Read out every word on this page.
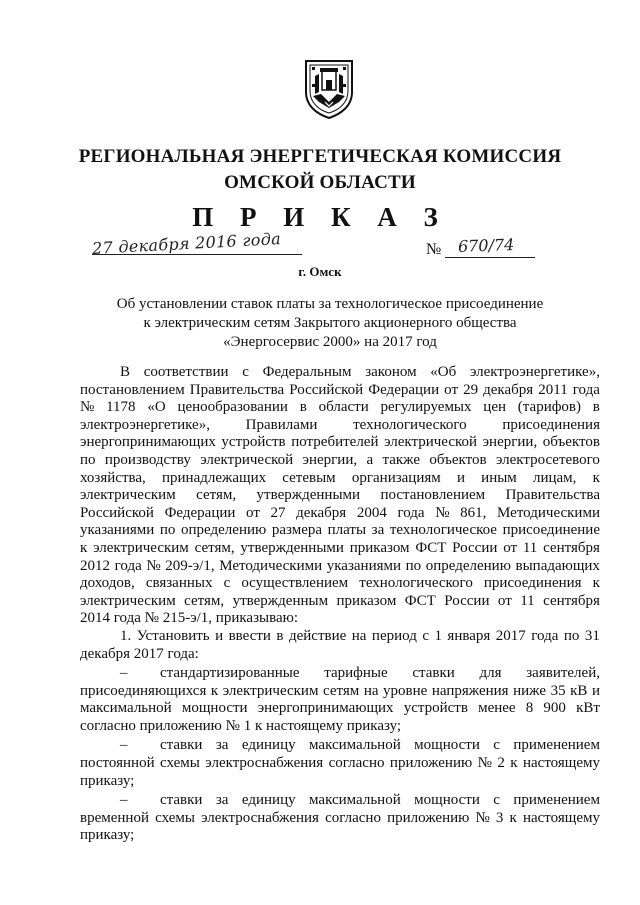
РЕГИОНАЛЬНАЯ ЭНЕРГЕТИЧЕСКАЯ КОМИССИЯ
ОМСКОЙ ОБЛАСТИ
П Р И К А З
27 декабря 2016 года	№ 670/74
г. Омск
Об установлении ставок платы за технологическое присоединение
к электрическим сетям Закрытого акционерного общества
«Энергосервис 2000» на 2017 год
В соответствии с Федеральным законом «Об электроэнергетике»,
постановлением Правительства Российской Федерации от 29 декабря 2011 года
№ 1178 «О ценообразовании в области регулируемых цен (тарифов) в
электроэнергетике», Правилами технологического присоединения
энергопринимающих устройств потребителей электрической энергии, объектов
по производству электрической энергии, а также объектов электросетевого
хозяйства, принадлежащих сетевым организациям и иным лицам, к
электрическим сетям, утвержденными постановлением Правительства
Российской Федерации от 27 декабря 2004 года № 861, Методическими
указаниями по определению размера платы за технологическое присоединение
к электрическим сетям, утвержденными приказом ФСТ России от 11 сентября
2012 года № 209-э/1, Методическими указаниями по определению выпадающих
доходов, связанных с осуществлением технологического присоединения к
электрическим сетям, утвержденным приказом ФСТ России от 11 сентября
2014 года № 215-э/1, приказываю:
1. Установить и ввести в действие на период с 1 января 2017 года по 31
декабря 2017 года:
–	стандартизированные тарифные ставки для заявителей,
присоединяющихся к электрическим сетям на уровне напряжения ниже 35 кВ и
максимальной мощности энергопринимающих устройств менее 8 900 кВт
согласно приложению № 1 к настоящему приказу;
–	ставки за единицу максимальной мощности с применением
постоянной схемы электроснабжения согласно приложению № 2 к настоящему
приказу;
–	ставки за единицу максимальной мощности с применением
временной схемы электроснабжения согласно приложению № 3 к настоящему
приказу;
